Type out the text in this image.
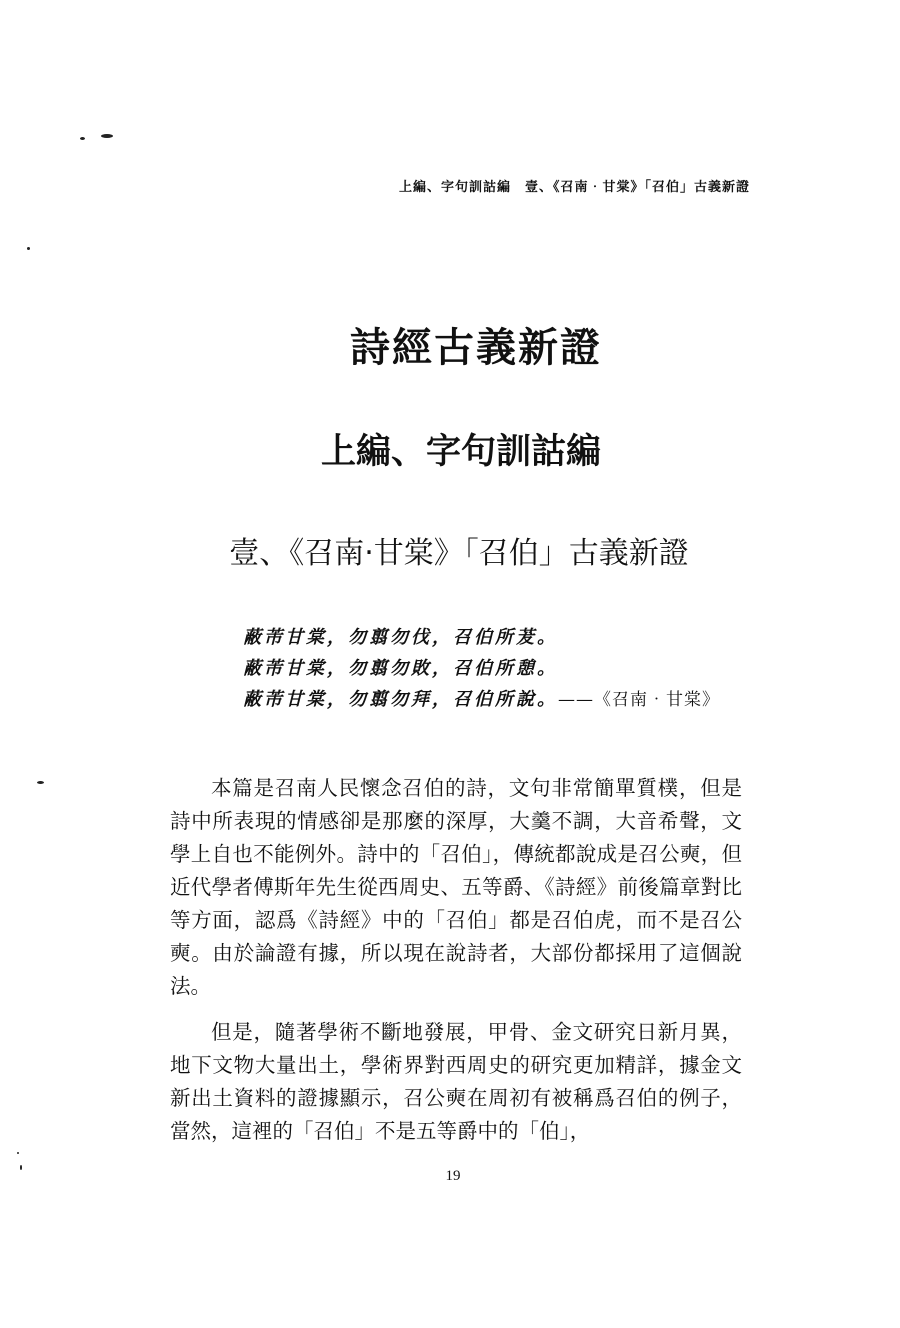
上編、字句訓詁編　壹、《召南‧甘棠》「召伯」古義新證
詩經古義新證
上編、字句訓詁編
壹、《召南‧甘棠》「召伯」古義新證
蔽芾甘棠，勿翦勿伐，召伯所茇。
蔽芾甘棠，勿翦勿敗，召伯所憩。
蔽芾甘棠，勿翦勿拜，召伯所說。——《召南‧甘棠》

本篇是召南人民懷念召伯的詩，文句非常簡單質樸，但是詩中所表現的情感卻是那麼的深厚，大羹不調，大音希聲，文學上自也不能例外。詩中的「召伯」，傳統都說成是召公奭，但近代學者傅斯年先生從西周史、五等爵、《詩經》前後篇章對比等方面，認爲《詩經》中的「召伯」都是召伯虎，而不是召公奭。由於論證有據，所以現在說詩者，大部份都採用了這個說法。

但是，隨著學術不斷地發展，甲骨、金文研究日新月異，地下文物大量出土，學術界對西周史的研究更加精詳，據金文新出土資料的證據顯示，召公奭在周初有被稱爲召伯的例子，當然，這裡的「召伯」不是五等爵中的「伯」，

19
